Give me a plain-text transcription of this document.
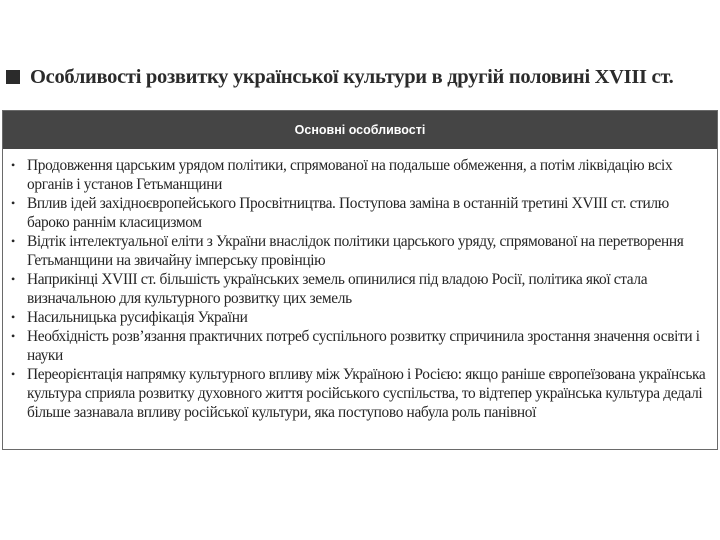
Особливості розвитку української культури в другій половині XVIII ст.
Основні особливості
• Продовження царським урядом політики, спрямованої на подальше обмеження, а потім ліквідацію всіх органів і установ Гетьманщини
• Вплив ідей західноєвропейського Просвітництва. Поступова заміна в останній третині XVIII ст. стилю бароко раннім класицизмом
• Відтік інтелектуальної еліти з України внаслідок політики царського уряду, спрямованої на перетворення Гетьманщини на звичайну імперську провінцію
• Наприкінці XVIII ст. більшість українських земель опинилися під владою Росії, політика якої стала визначальною для культурного розвитку цих земель
• Насильницька русифікація України
• Необхідність розв’язання практичних потреб суспільного розвитку спричинила зростання значення освіти і науки
• Переорієнтація напрямку культурного впливу між Україною і Росією: якщо раніше європеїзована українська культура сприяла розвитку духовного життя російського суспільства, то відтепер українська культура дедалі більше зазнавала впливу російської культури, яка поступово набула роль панівної
